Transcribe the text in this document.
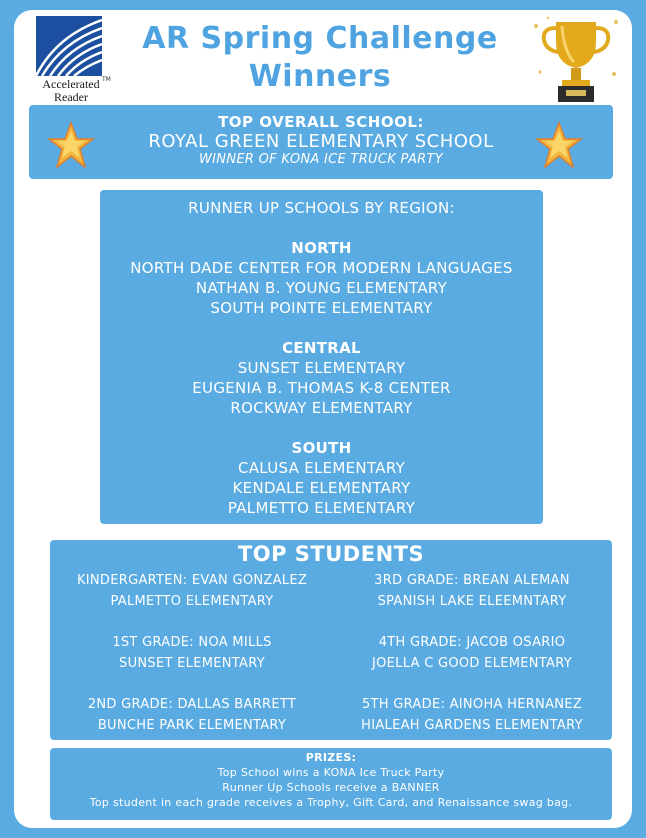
TM
Accelerated
Reader
AR Spring Challenge
Winners
TOP OVERALL SCHOOL:
ROYAL GREEN ELEMENTARY SCHOOL
WINNER OF KONA ICE TRUCK PARTY
RUNNER UP SCHOOLS BY REGION:
NORTH
NORTH DADE CENTER FOR MODERN LANGUAGES
NATHAN B. YOUNG ELEMENTARY
SOUTH POINTE ELEMENTARY
CENTRAL
SUNSET ELEMENTARY
EUGENIA B. THOMAS K-8 CENTER
ROCKWAY ELEMENTARY
SOUTH
CALUSA ELEMENTARY
KENDALE ELEMENTARY
PALMETTO ELEMENTARY
TOP STUDENTS
KINDERGARTEN: EVAN GONZALEZ
PALMETTO ELEMENTARY
1ST GRADE: NOA MILLS
SUNSET ELEMENTARY
2ND GRADE: DALLAS BARRETT
BUNCHE PARK ELEMENTARY
3RD GRADE: BREAN ALEMAN
SPANISH LAKE ELEEMNTARY
4TH GRADE: JACOB OSARIO
JOELLA C GOOD ELEMENTARY
5TH GRADE: AINOHA HERNANEZ
HIALEAH GARDENS ELEMENTARY
PRIZES:
Top School wins a KONA Ice Truck Party
Runner Up Schools receive a BANNER
Top student in each grade receives a Trophy, Gift Card, and Renaissance swag bag.
